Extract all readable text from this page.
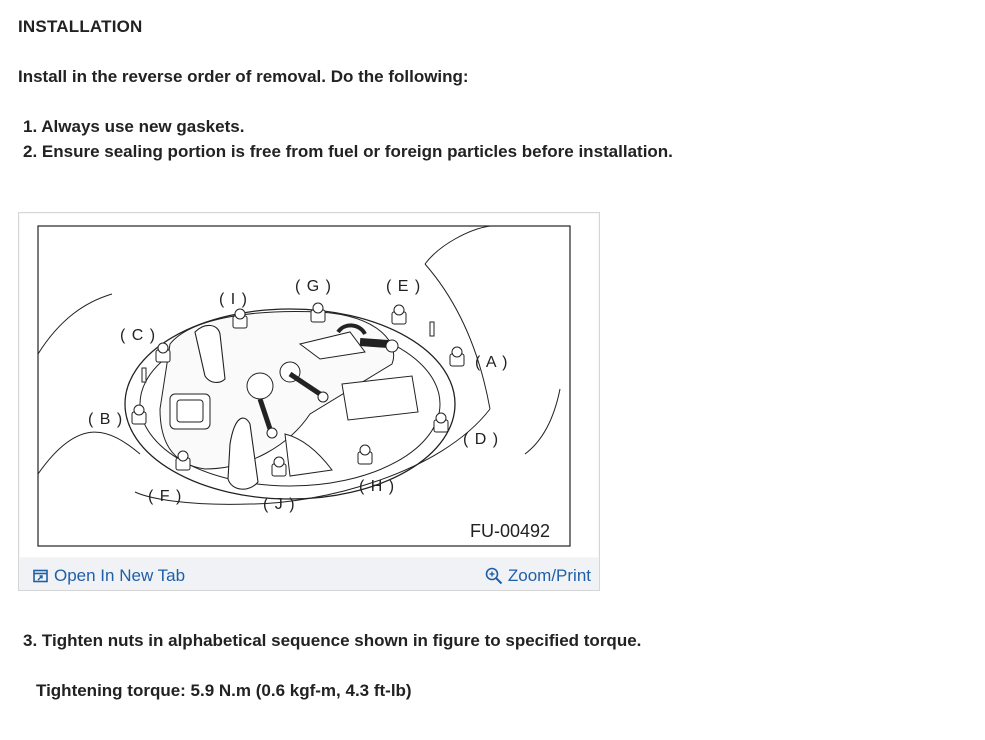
INSTALLATION
Install in the reverse order of removal. Do the following:
1. Always use new gaskets.
2. Ensure sealing portion is free from fuel or foreign particles before installation.
( B )
( C )
( I )
( G )	( E )
( A )
( D )
( H )
( J )
( F )
FU-00492
Open In New Tab	Zoom/Print
3. Tighten nuts in alphabetical sequence shown in figure to specified torque.
Tightening torque: 5.9 N.m (0.6 kgf-m, 4.3 ft-lb)
